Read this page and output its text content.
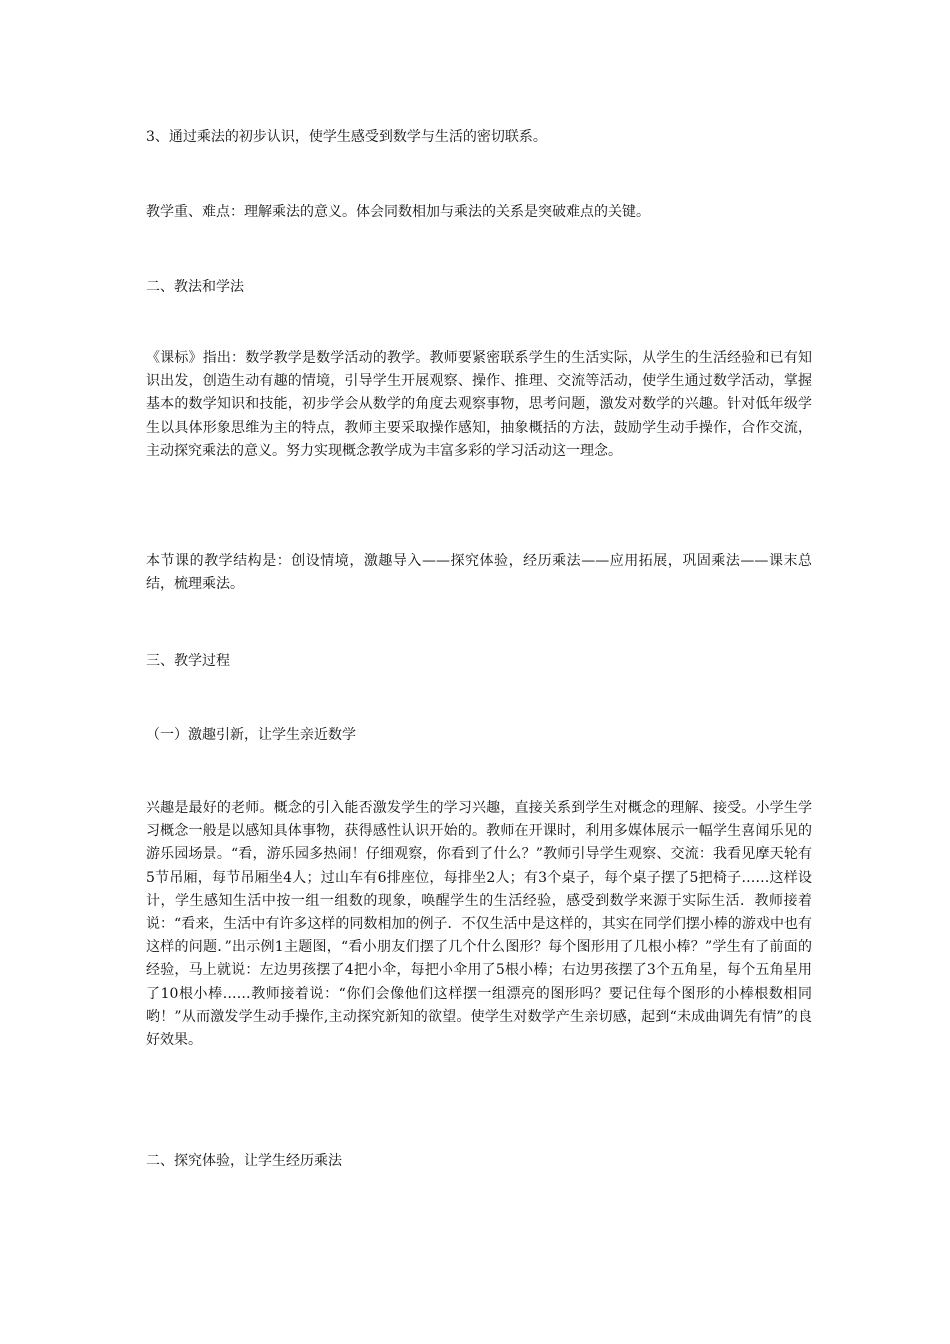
3、通过乘法的初步认识，使学生感受到数学与生活的密切联系。

教学重、难点：理解乘法的意义。体会同数相加与乘法的关系是突破难点的关键。

二、教法和学法

《课标》指出：数学教学是数学活动的教学。教师要紧密联系学生的生活实际，从学生的生活经验和已有知识出发，创造生动有趣的情境，引导学生开展观察、操作、推理、交流等活动，使学生通过数学活动，掌握基本的数学知识和技能，初步学会从数学的角度去观察事物，思考问题，激发对数学的兴趣。针对低年级学生以具体形象思维为主的特点，教师主要采取操作感知，抽象概括的方法，鼓励学生动手操作，合作交流，主动探究乘法的意义。努力实现概念教学成为丰富多彩的学习活动这一理念。

本节课的教学结构是：创设情境，激趣导入——探究体验，经历乘法——应用拓展，巩固乘法——课末总结，梳理乘法。

三、教学过程

（一）激趣引新，让学生亲近数学

兴趣是最好的老师。概念的引入能否激发学生的学习兴趣，直接关系到学生对概念的理解、接受。小学生学习概念一般是以感知具体事物，获得感性认识开始的。教师在开课时，利用多媒体展示一幅学生喜闻乐见的游乐园场景。“看，游乐园多热闹！仔细观察，你看到了什么？”教师引导学生观察、交流：我看见摩天轮有5节吊厢，每节吊厢坐4人；过山车有6排座位，每排坐2人；有3个桌子，每个桌子摆了5把椅子……这样设计，学生感知生活中按一组一组数的现象，唤醒学生的生活经验，感受到数学来源于实际生活．教师接着说：“看来，生活中有许多这样的同数相加的例子．不仅生活中是这样的，其实在同学们摆小棒的游戏中也有这样的问题．”出示例1主题图，“看小朋友们摆了几个什么图形？每个图形用了几根小棒？”学生有了前面的经验，马上就说：左边男孩摆了4把小伞，每把小伞用了5根小棒；右边男孩摆了3个五角星，每个五角星用了10根小棒……教师接着说：“你们会像他们这样摆一组漂亮的图形吗？要记住每个图形的小棒根数相同哟！”从而激发学生动手操作,主动探究新知的欲望。使学生对数学产生亲切感，起到“未成曲调先有情”的良好效果。

二、探究体验，让学生经历乘法
